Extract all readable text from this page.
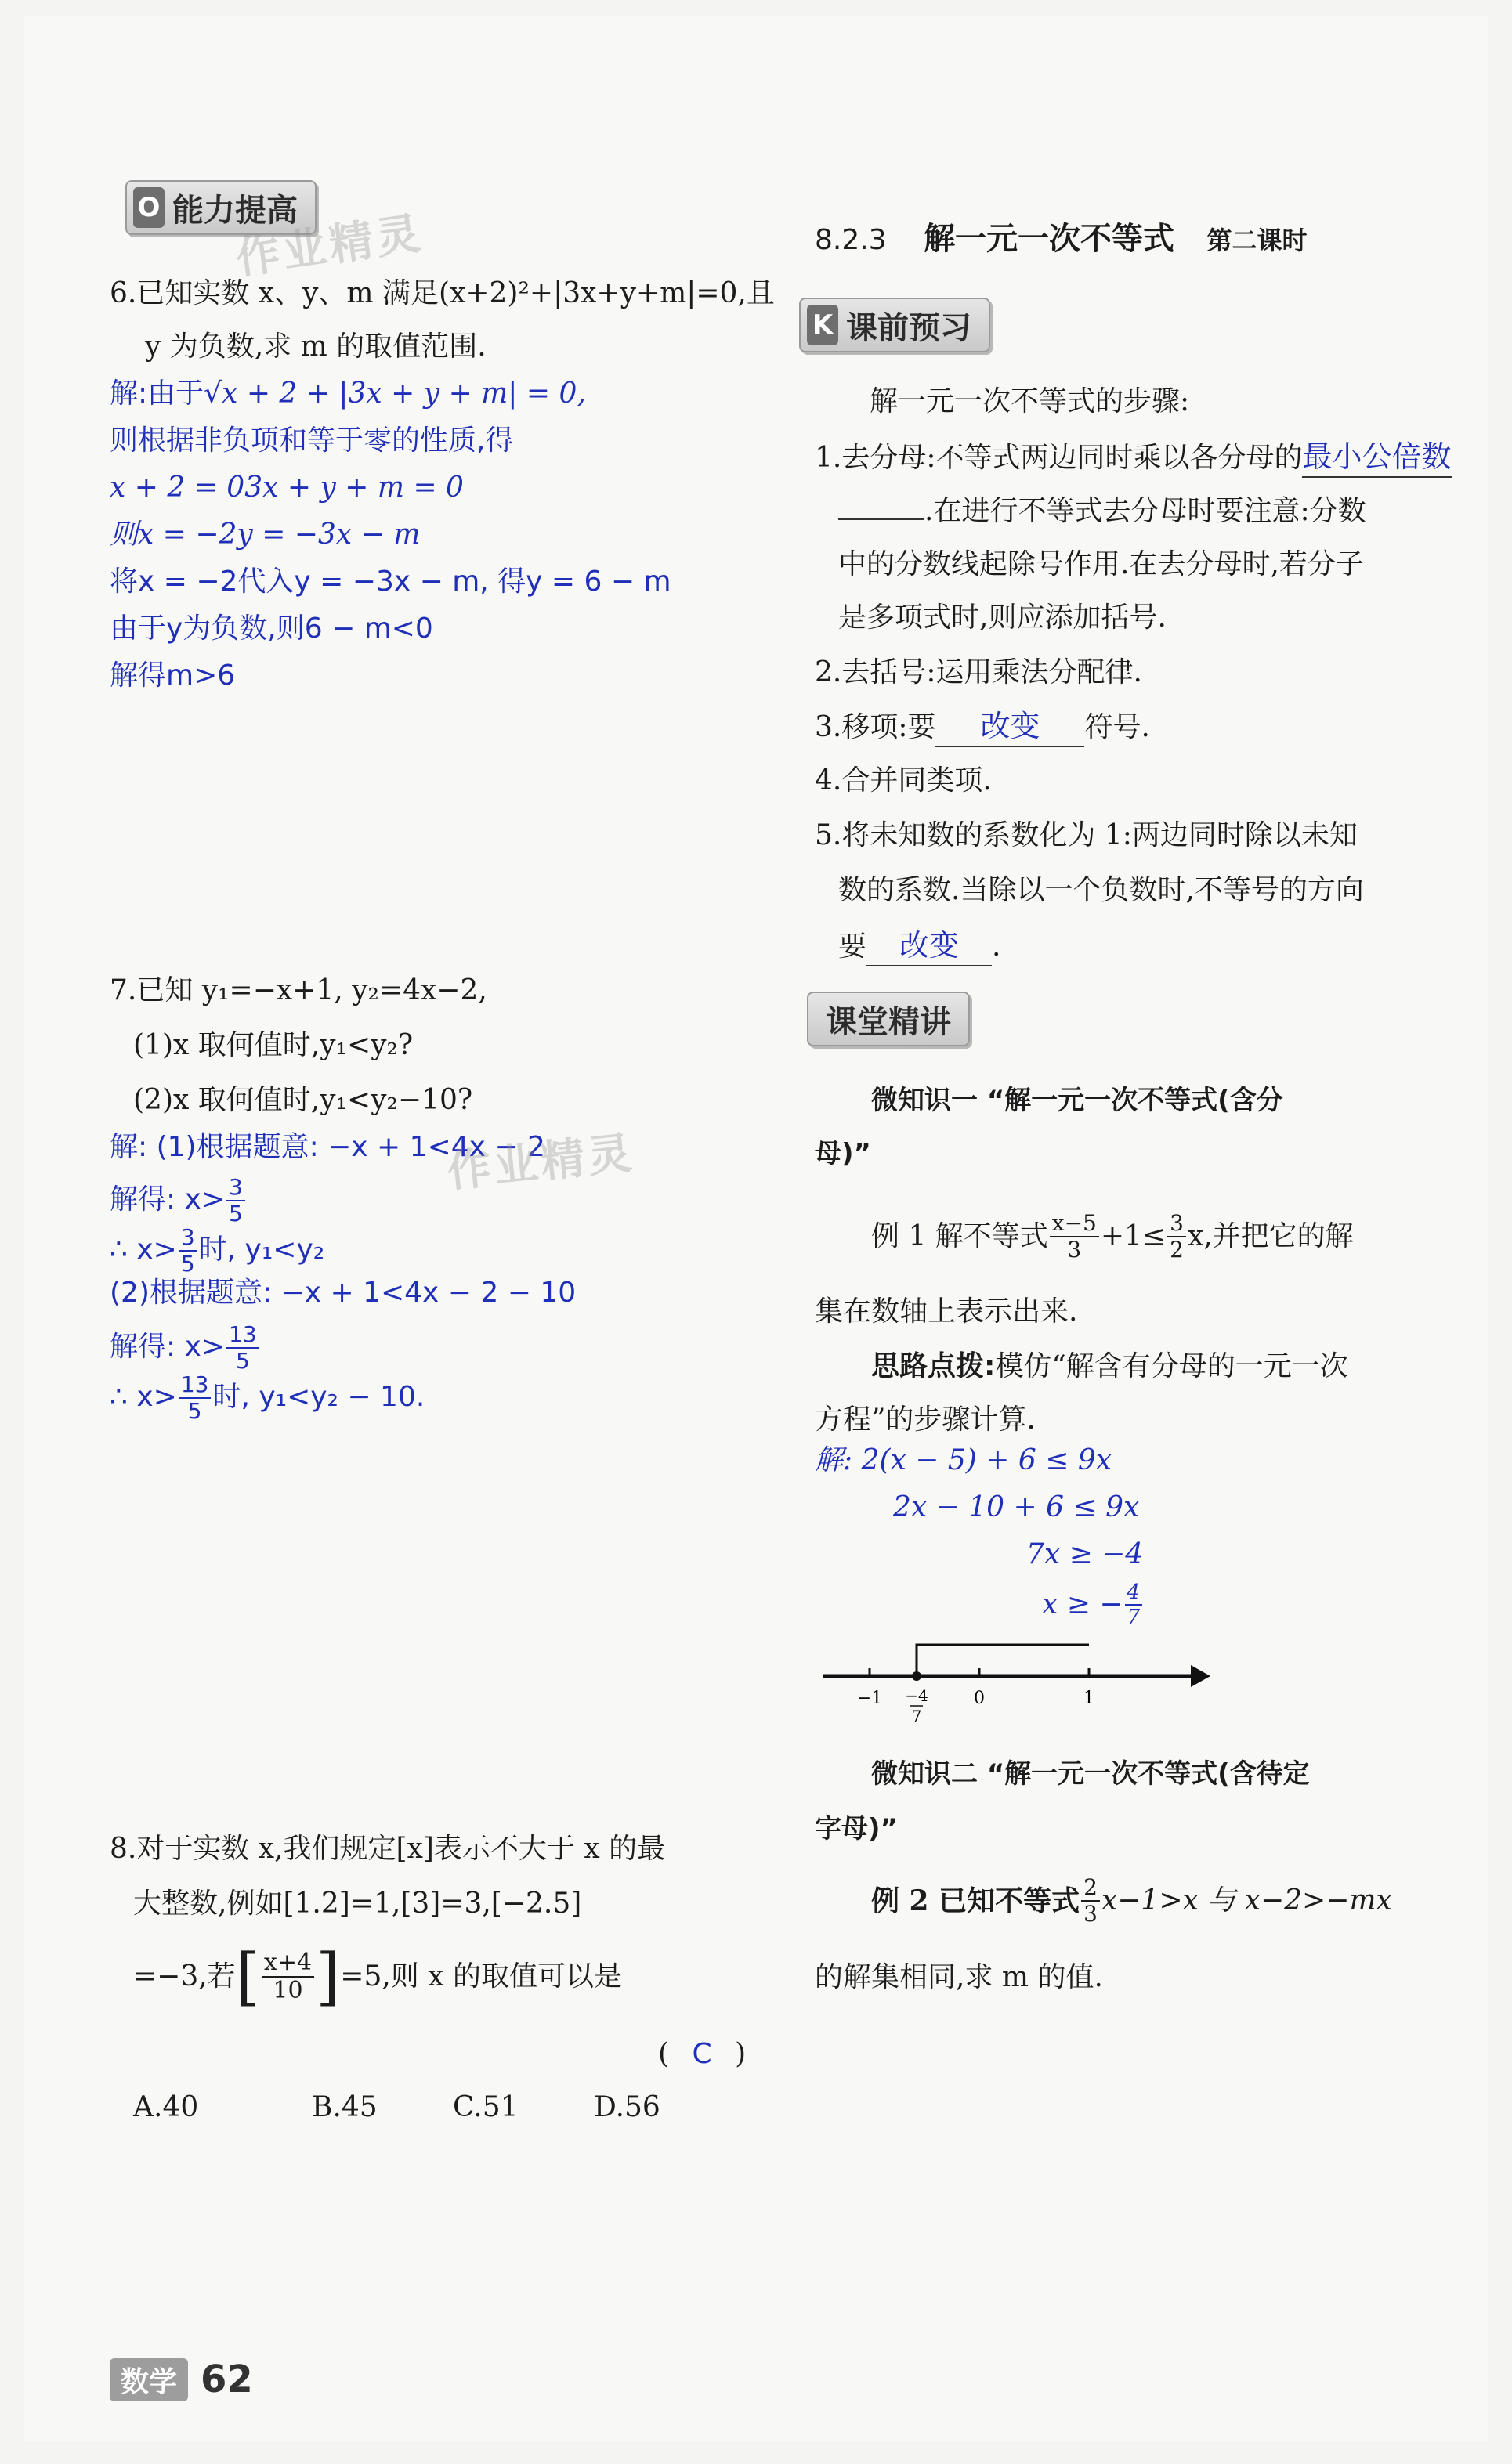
O 能力提高
作业精灵
6.已知实数 x、y、m 满足(x+2)²+|3x+y+m|=0,且
y 为负数,求 m 的取值范围.
解:由于 √x + 2 + |3x + y + m| = 0,
则根据非负项和等于零的性质,得
x + 2 = 03x + y + m = 0
则x = −2y = −3x − m
将x = −2代入y = −3x − m, 得y = 6 − m
由于y为负数,则6 − m<0
解得m>6
7.已知 y₁=−x+1, y₂=4x−2,
(1)x 取何值时,y₁<y₂?
(2)x 取何值时,y₁<y₂−10?
解: (1)根据题意: −x + 1<4x − 2
解得: $x> \frac{3}{5}$
∴ $x> \frac{3}{5}$ 时, y₁<y₂
(2)根据题意: −x + 1<4x − 2 − 10
解得: $x> \frac{13}{5}$
∴ $x> \frac{13}{5}$ 时, y₁<y₂ − 10.
8.对于实数 x,我们规定[x]表示不大于 x 的最
大整数,例如[1.2]=1,[3]=3,[−2.5]
=−3,若 [ $\frac{x+4}{10}$ ] =5,则 x 的取值可以是
( C )
A.40	B.45	C.51	D.56
8.2.3 解一元一次不等式 第二课时
K 课前预习
解一元一次不等式的步骤:
1.去分母:不等式两边同时乘以各分母的最小公倍数
.在进行不等式去分母时要注意:分数
中的分数线起除号作用.在去分母时,若分子
是多项式时,则应添加括号.
2.去括号:运用乘法分配律.
3.移项:要 改变 符号.
4.合并同类项.
5.将未知数的系数化为 1:两边同时除以未知
数的系数.当除以一个负数时,不等号的方向
要 改变 .
课堂精讲
微知识一 “解一元一次不等式(含分
母)”
例 1 解不等式 $\frac{x-5}{3} +1\le \frac{3}{2} x$,并把它的解
集在数轴上表示出来.
思路点拨:模仿“解含有分母的一元一次
方程”的步骤计算.
解: 2(x − 5) + 6 ≤ 9x
2x − 10 + 6 ≤ 9x
7x ≥ −4
x ≥ − $\frac{4}{7}$
−1	0	1
−4
7
微知识二 “解一元一次不等式(含待定
字母)”
例 2 已知不等式 $\frac{2}{3} x-1>x$ 与 x−2>−mx
的解集相同,求 m 的值.
作业精灵
数学 62
